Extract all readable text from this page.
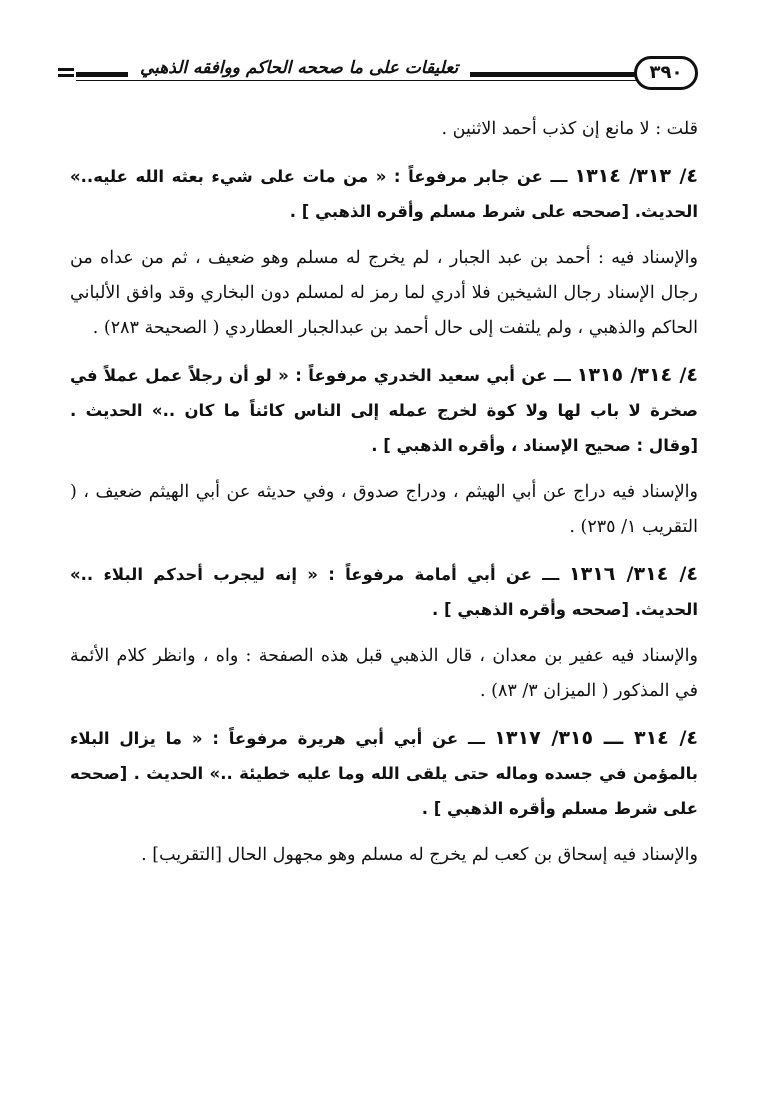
تعليقات على ما صححه الحاكم ووافقه الذهبي	٣٩٠

قلت : لا مانع إن كذب أحمد الاثنين .

٤/ ٣١٣/ ١٣١٤ ـــ عن جابر مرفوعاً : « من مات على شيء بعثه الله عليه..» الحديث. [صححه على شرط مسلم وأقره الذهبي ] .

والإسناد فيه : أحمد بن عبد الجبار ، لم يخرج له مسلم وهو ضعيف ، ثم من عداه من رجال الإسناد رجال الشيخين فلا أدري لما رمز له لمسلم دون البخاري وقد وافق الألباني الحاكم والذهبي ، ولم يلتفت إلى حال أحمد بن عبدالجبار العطاردي ( الصحيحة ٢٨٣) .

٤/ ٣١٤/ ١٣١٥ ـــ عن أبي سعيد الخدري مرفوعاً : « لو أن رجلاً عمل عملاً في صخرة لا باب لها ولا كوة لخرج عمله إلى الناس كائناً ما كان ..» الحديث . [وقال : صحيح الإسناد ، وأقره الذهبي ] .

والإسناد فيه دراج عن أبي الهيثم ، ودراج صدوق ، وفي حديثه عن أبي الهيثم ضعيف ، ( التقريب ١/ ٢٣٥) .

٤/ ٣١٤/ ١٣١٦ ـــ عن أبي أمامة مرفوعاً : « إنه ليجرب أحدكم البلاء ..» الحديث. [صححه وأقره الذهبي ] .

والإسناد فيه عفير بن معدان ، قال الذهبي قبل هذه الصفحة : واه ، وانظر كلام الأئمة في المذكور ( الميزان ٣/ ٨٣) .

٤/ ٣١٤ ـــ ٣١٥/ ١٣١٧ ـــ عن أبي أبي هريرة مرفوعاً : « ما يزال البلاء بالمؤمن في جسده وماله حتى يلقى الله وما عليه خطيئة ..» الحديث . [صححه على شرط مسلم وأقره الذهبي ] .

والإسناد فيه إسحاق بن كعب لم يخرج له مسلم وهو مجهول الحال [التقريب] .
